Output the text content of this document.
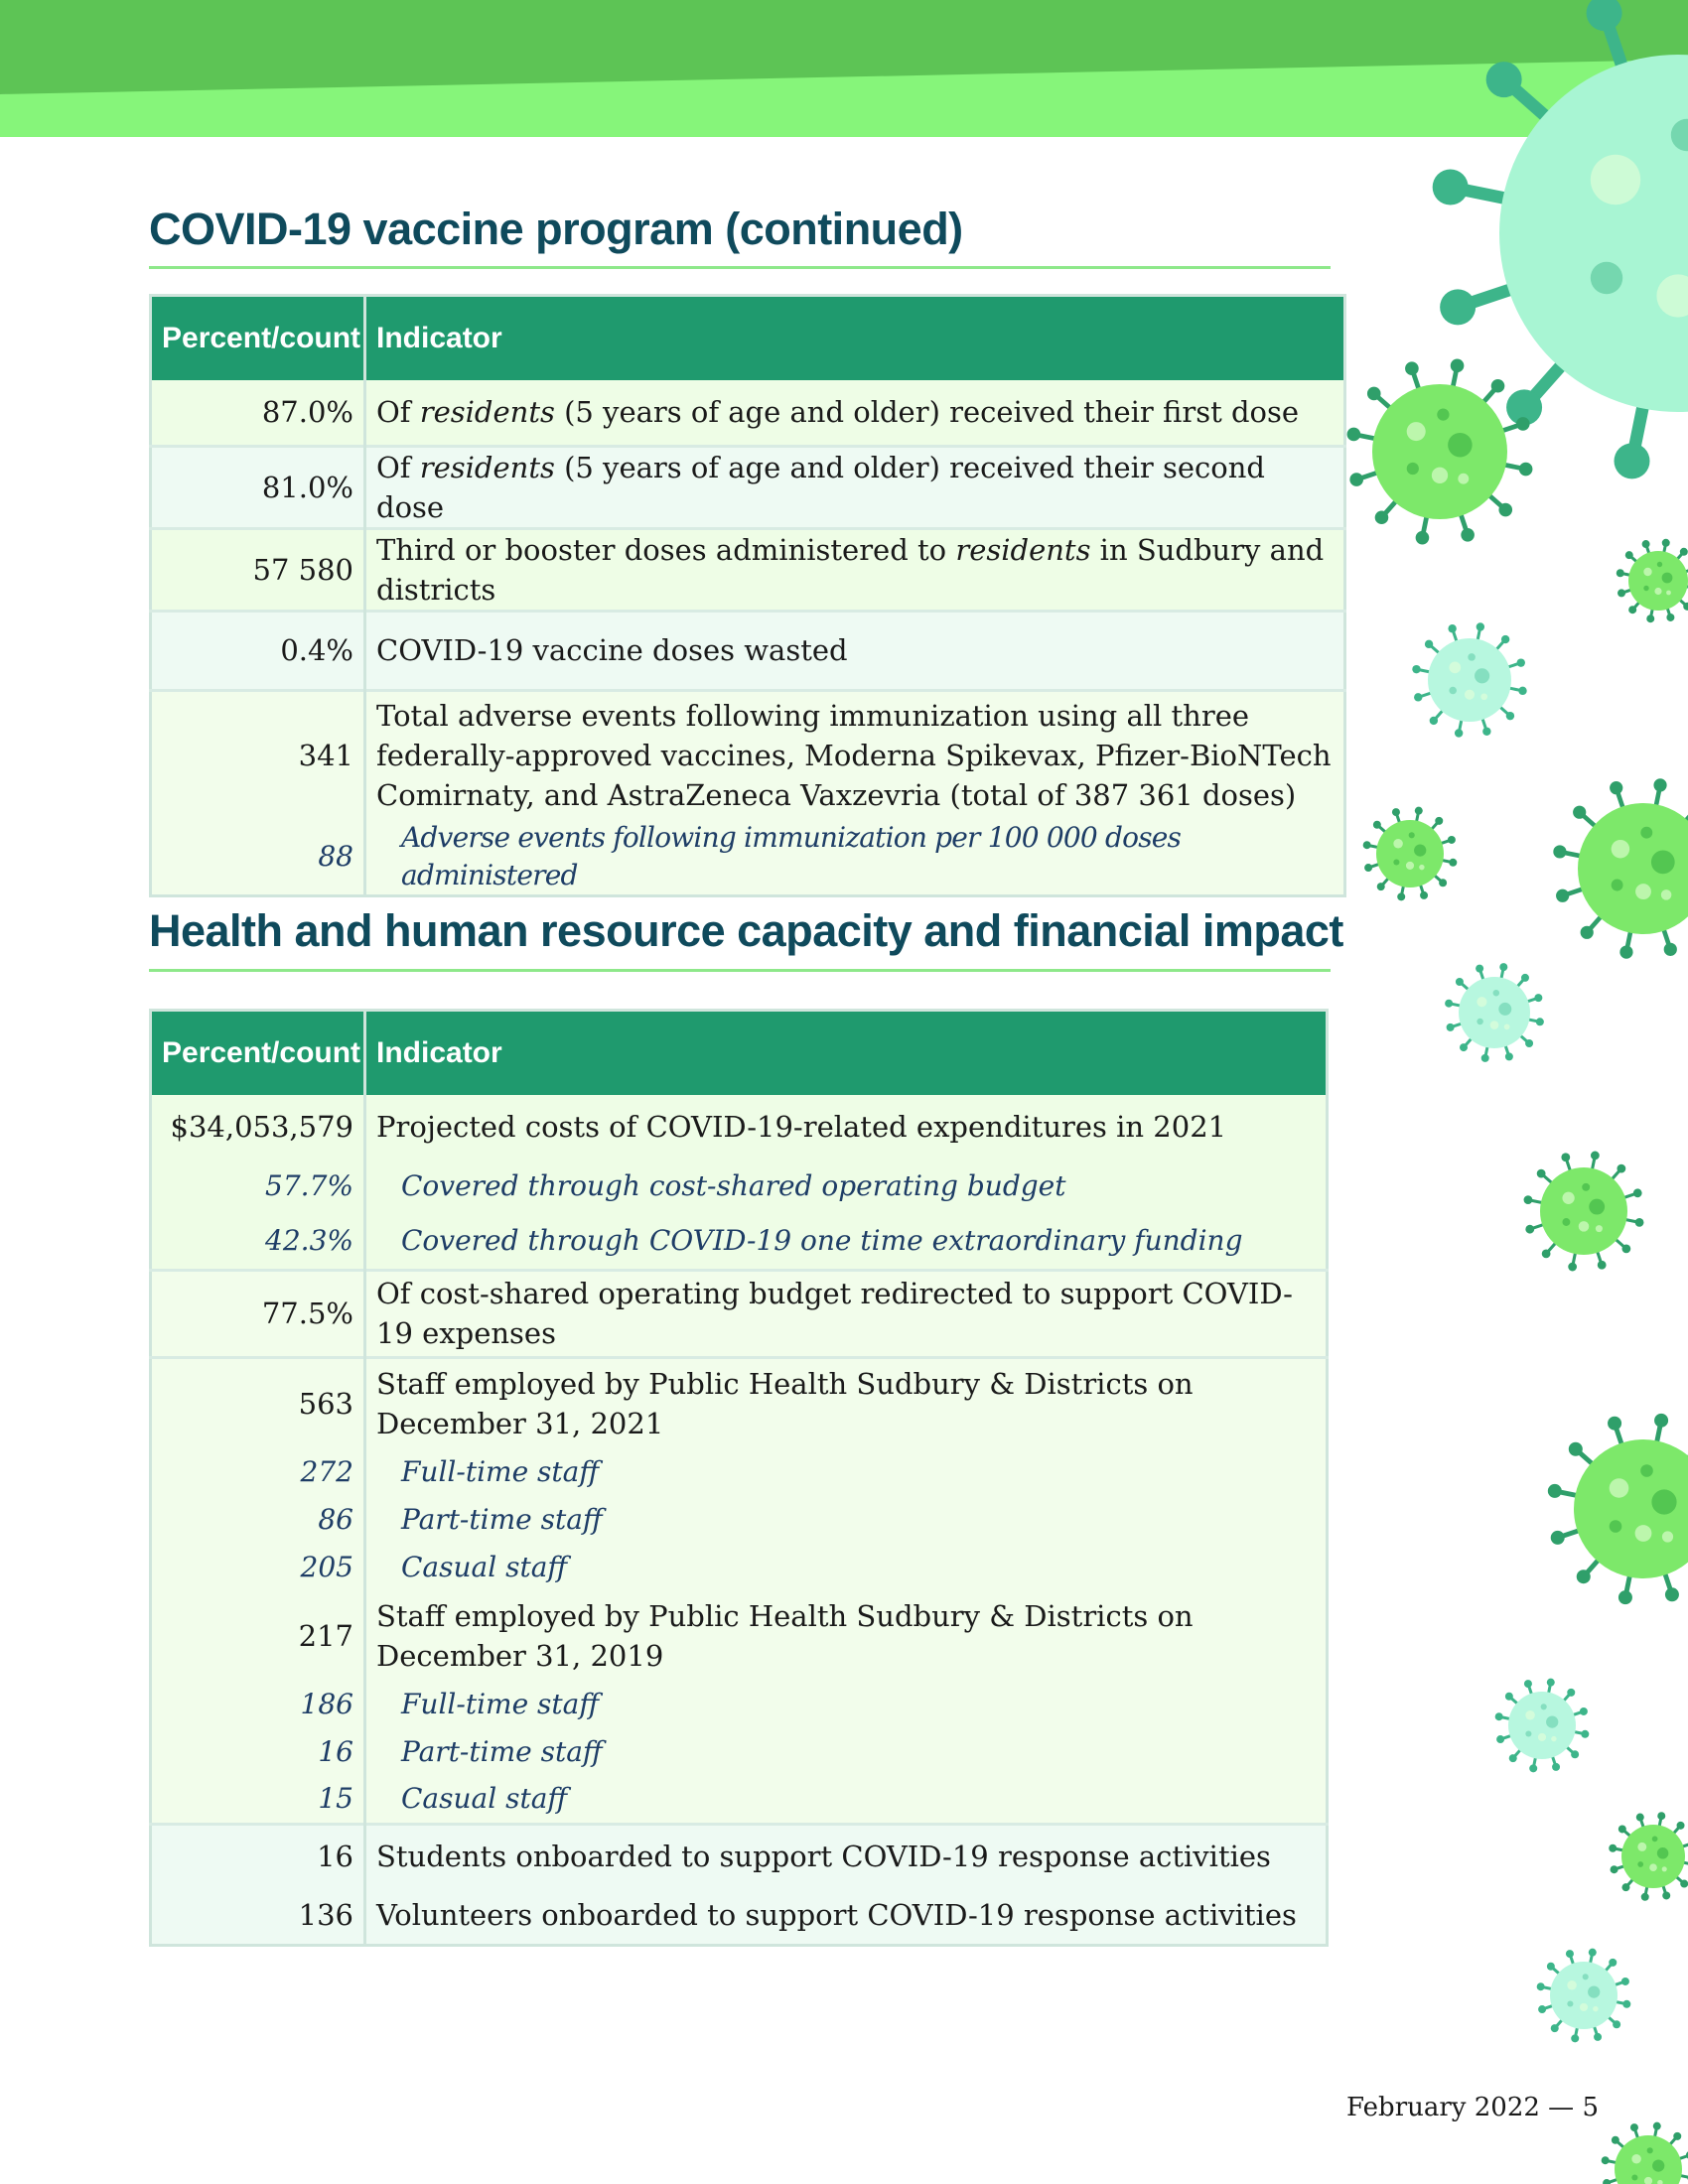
COVID-19 vaccine program (continued)
Percent/count	Indicator
87.0%	Of residents (5 years of age and older) received their first dose
81.0%	Of residents (5 years of age and older) received their second dose
57 580	Third or booster doses administered to residents in Sudbury and districts
0.4%	COVID-19 vaccine doses wasted
341	Total adverse events following immunization using all three federally-approved vaccines, Moderna Spikevax, Pfizer-BioNTech Comirnaty, and AstraZeneca Vaxzevria (total of 387 361 doses)
88	Adverse events following immunization per 100 000 doses administered
Health and human resource capacity and financial impact
Percent/count	Indicator
$34,053,579	Projected costs of COVID-19-related expenditures in 2021
57.7%	Covered through cost-shared operating budget
42.3%	Covered through COVID-19 one time extraordinary funding
77.5%	Of cost-shared operating budget redirected to support COVID-19 expenses
563	Staff employed by Public Health Sudbury & Districts on December 31, 2021
272	Full-time staff
86	Part-time staff
205	Casual staff
217	Staff employed by Public Health Sudbury & Districts on December 31, 2019
186	Full-time staff
16	Part-time staff
15	Casual staff
16	Students onboarded to support COVID-19 response activities
136	Volunteers onboarded to support COVID-19 response activities
February 2022 — 5
